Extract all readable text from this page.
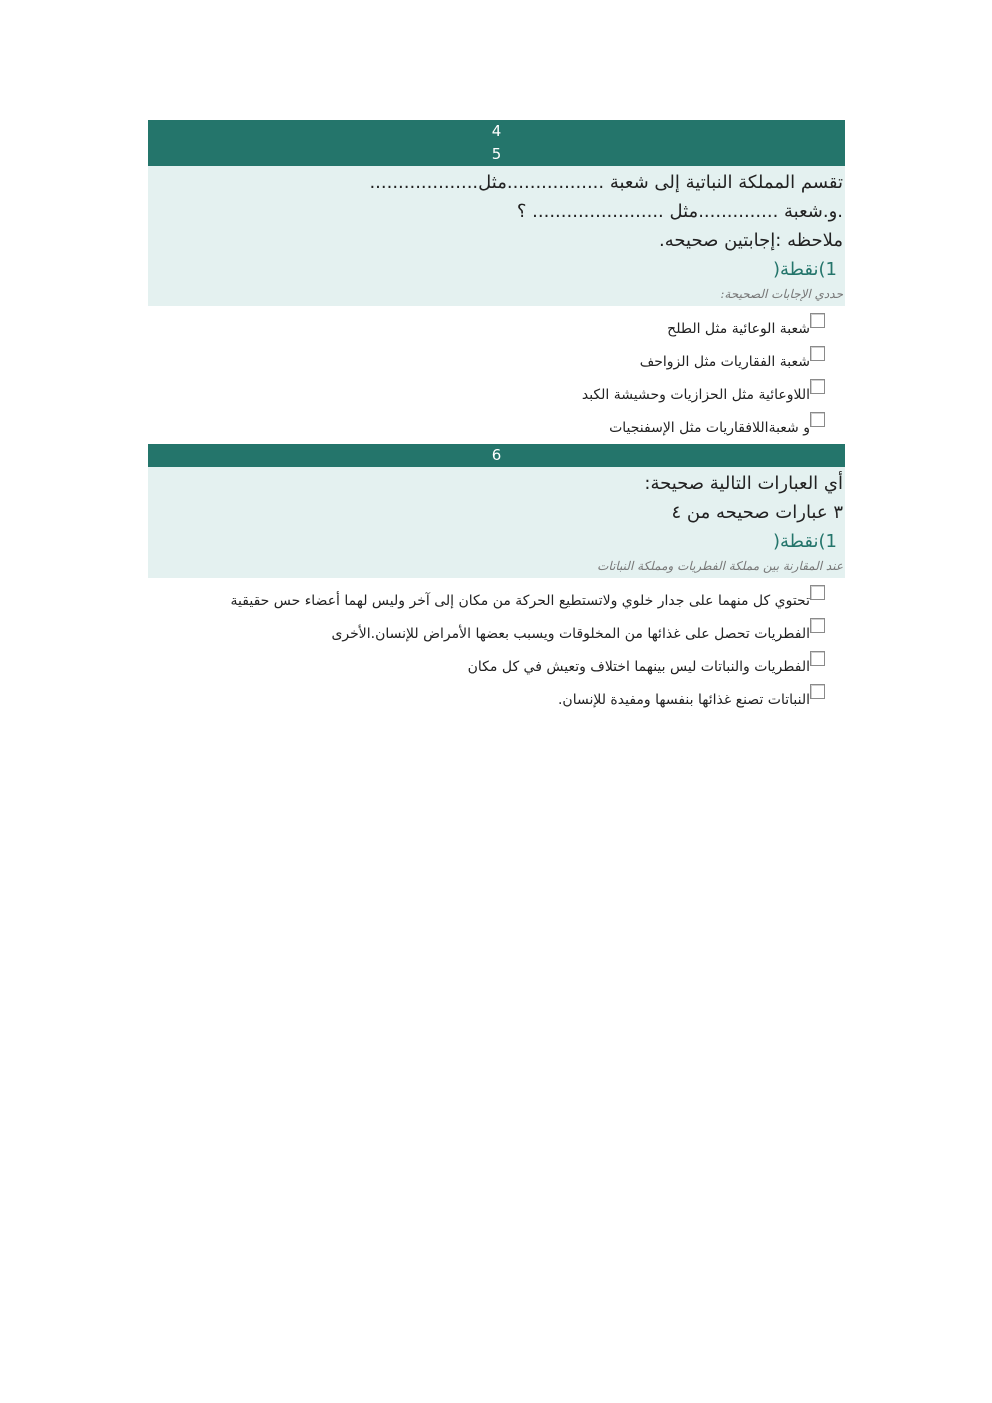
4
5
تقسم المملكة النباتية إلى شعبة .................مثل...................
.و.شعبة ..............مثل ....................... ؟
ملاحظه :إجابتين صحيحه.
1)نقطة(
حددي الإجابات الصحيحة:
شعبة الوعائية مثل الطلح
شعبة الفقاريات مثل الزواحف
اللاوعائية مثل الحزازيات وحشيشة الكبد
و شعبةاللافقاريات مثل الإسفنجيات
6
أي العبارات التالية صحيحة:
٣ عبارات صحيحه من ٤
1)نقطة(
عند المقارنة بين مملكة الفطريات ومملكة النباتات
تحتوي كل منهما على جدار خلوي ولاتستطيع الحركة من مكان إلى آخر وليس لهما أعضاء حس حقيقية
الفطريات تحصل على غذائها من المخلوقات ويسبب بعضها الأمراض للإنسان.الأخرى
الفطريات والنباتات ليس بينهما اختلاف وتعيش في كل مكان
النباتات تصنع غذائها بنفسها ومفيدة للإنسان.
